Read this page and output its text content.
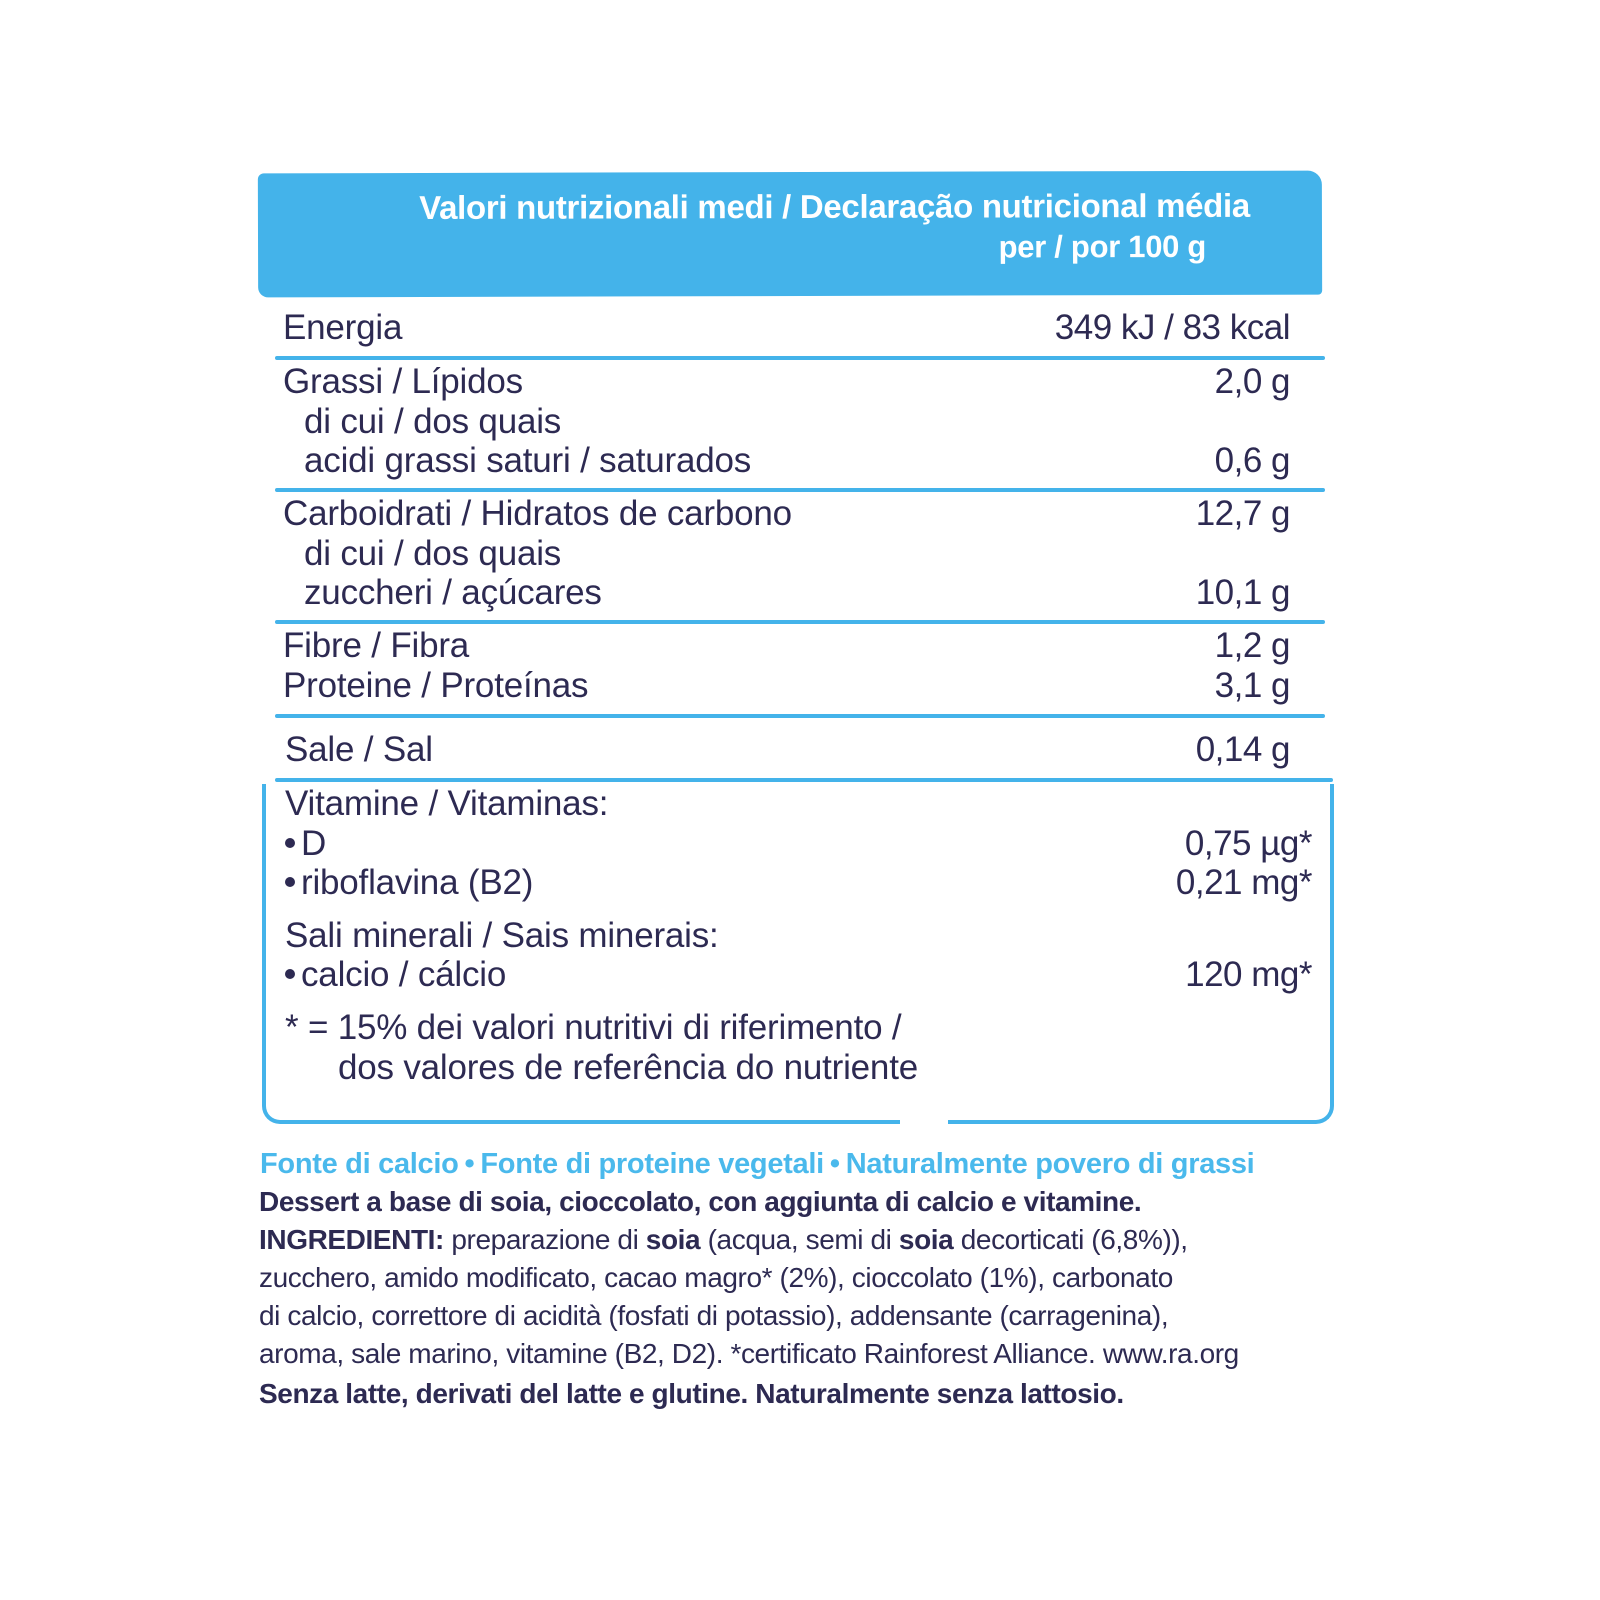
Valori nutrizionali medi / Declaração nutricional média
per / por 100 g
Energia	349 kJ / 83 kcal
Grassi / Lípidos	2,0 g
di cui / dos quais
acidi grassi saturi / saturados	0,6 g
Carboidrati / Hidratos de carbono	12,7 g
di cui / dos quais
zuccheri / açúcares	10,1 g
Fibre / Fibra	1,2 g
Proteine / Proteínas	3,1 g
Sale / Sal	0,14 g
Vitamine / Vitaminas:
D	0,75 µg*
riboflavina (B2)	0,21 mg*
Sali minerali / Sais minerais:
calcio / cálcio	120 mg*
* = 15% dei valori nutritivi di riferimento /
dos valores de referência do nutriente
Fonte di calcio • Fonte di proteine vegetali • Naturalmente povero di grassi
Dessert a base di soia, cioccolato, con aggiunta di calcio e vitamine.
INGREDIENTI: preparazione di soia (acqua, semi di soia decorticati (6,8%)),
zucchero, amido modificato, cacao magro* (2%), cioccolato (1%), carbonato
di calcio, correttore di acidità (fosfati di potassio), addensante (carragenina),
aroma, sale marino, vitamine (B2, D2). *certificato Rainforest Alliance. www.ra.org
Senza latte, derivati del latte e glutine. Naturalmente senza lattosio.
